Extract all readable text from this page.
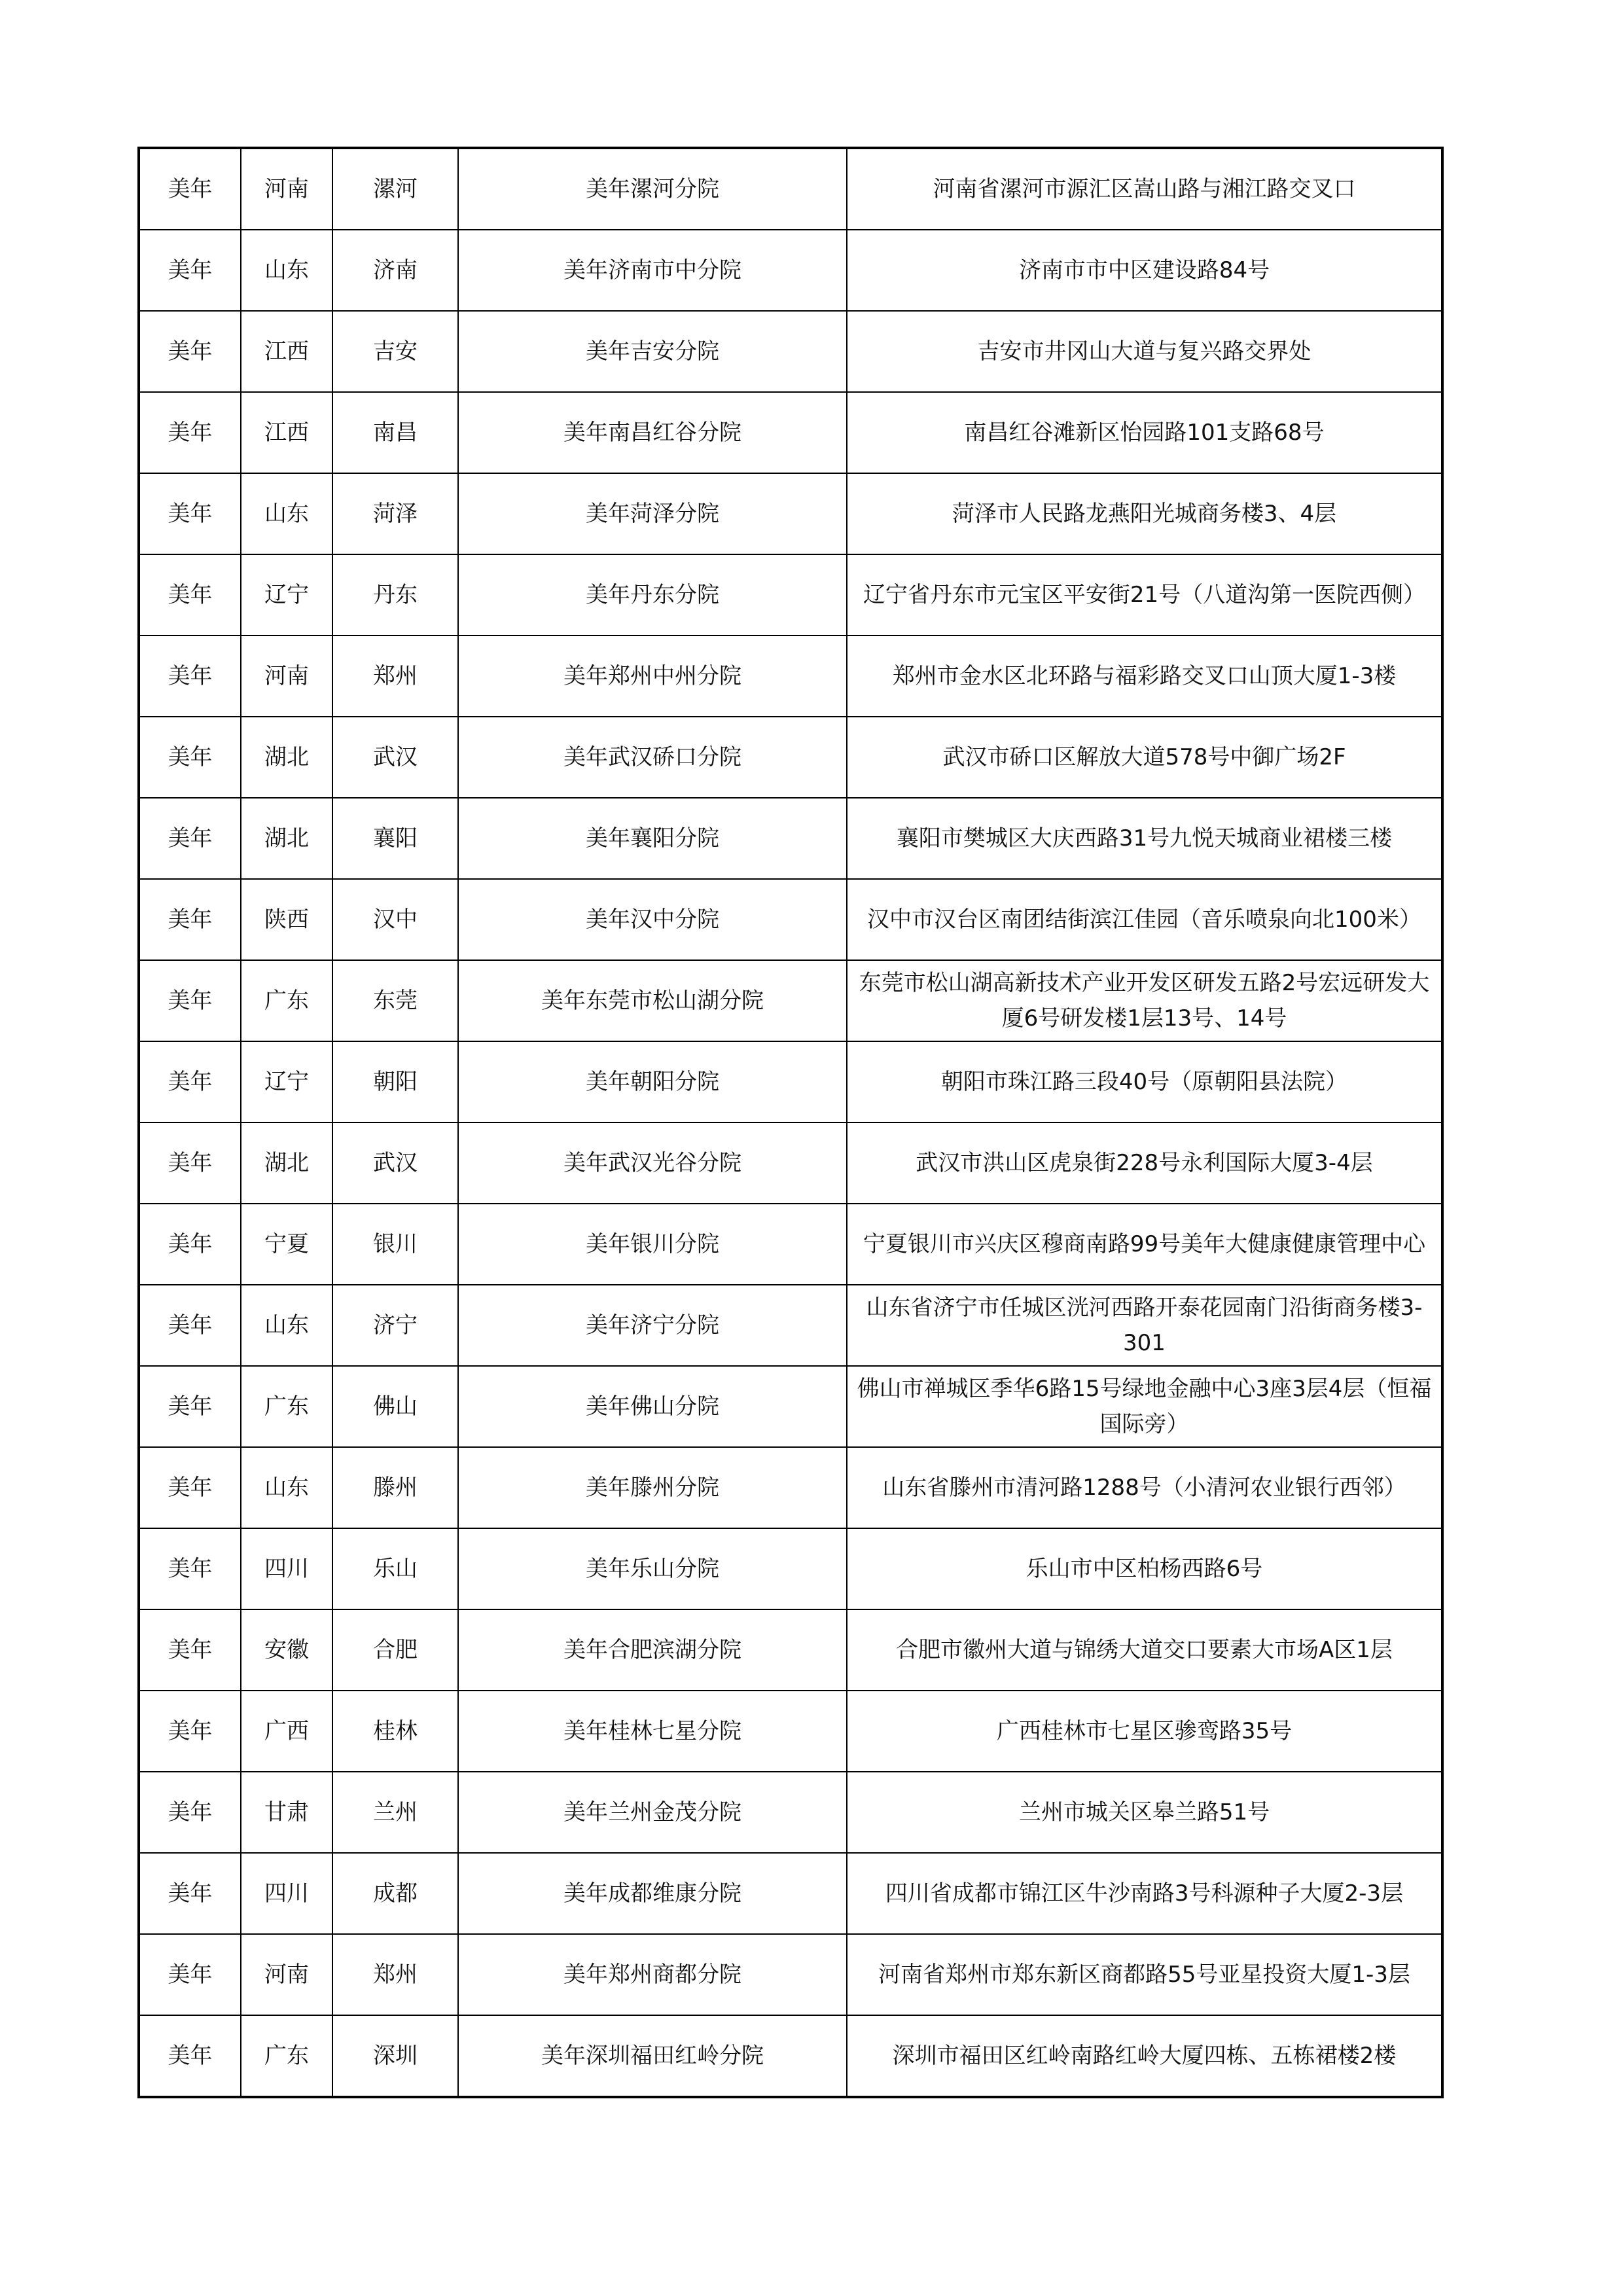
美年	河南	漯河	美年漯河分院	河南省漯河市源汇区嵩山路与湘江路交叉口
美年	山东	济南	美年济南市中分院	济南市市中区建设路84号
美年	江西	吉安	美年吉安分院	吉安市井冈山大道与复兴路交界处
美年	江西	南昌	美年南昌红谷分院	南昌红谷滩新区怡园路101支路68号
美年	山东	菏泽	美年菏泽分院	菏泽市人民路龙燕阳光城商务楼3、4层
美年	辽宁	丹东	美年丹东分院	辽宁省丹东市元宝区平安街21号（八道沟第一医院西侧）
美年	河南	郑州	美年郑州中州分院	郑州市金水区北环路与福彩路交叉口山顶大厦1-3楼
美年	湖北	武汉	美年武汉硚口分院	武汉市硚口区解放大道578号中御广场2F
美年	湖北	襄阳	美年襄阳分院	襄阳市樊城区大庆西路31号九悦天城商业裙楼三楼
美年	陕西	汉中	美年汉中分院	汉中市汉台区南团结街滨江佳园（音乐喷泉向北100米）
美年	广东	东莞	美年东莞市松山湖分院	东莞市松山湖高新技术产业开发区研发五路2号宏远研发大厦6号研发楼1层13号、14号
美年	辽宁	朝阳	美年朝阳分院	朝阳市珠江路三段40号（原朝阳县法院）
美年	湖北	武汉	美年武汉光谷分院	武汉市洪山区虎泉街228号永利国际大厦3-4层
美年	宁夏	银川	美年银川分院	宁夏银川市兴庆区穆商南路99号美年大健康健康管理中心
美年	山东	济宁	美年济宁分院	山东省济宁市任城区洸河西路开泰花园南门沿街商务楼3-301
美年	广东	佛山	美年佛山分院	佛山市禅城区季华6路15号绿地金融中心3座3层4层（恒福国际旁）
美年	山东	滕州	美年滕州分院	山东省滕州市清河路1288号（小清河农业银行西邻）
美年	四川	乐山	美年乐山分院	乐山市中区柏杨西路6号
美年	安徽	合肥	美年合肥滨湖分院	合肥市徽州大道与锦绣大道交口要素大市场A区1层
美年	广西	桂林	美年桂林七星分院	广西桂林市七星区骖鸾路35号
美年	甘肃	兰州	美年兰州金茂分院	兰州市城关区皋兰路51号
美年	四川	成都	美年成都维康分院	四川省成都市锦江区牛沙南路3号科源种子大厦2-3层
美年	河南	郑州	美年郑州商都分院	河南省郑州市郑东新区商都路55号亚星投资大厦1-3层
美年	广东	深圳	美年深圳福田红岭分院	深圳市福田区红岭南路红岭大厦四栋、五栋裙楼2楼
